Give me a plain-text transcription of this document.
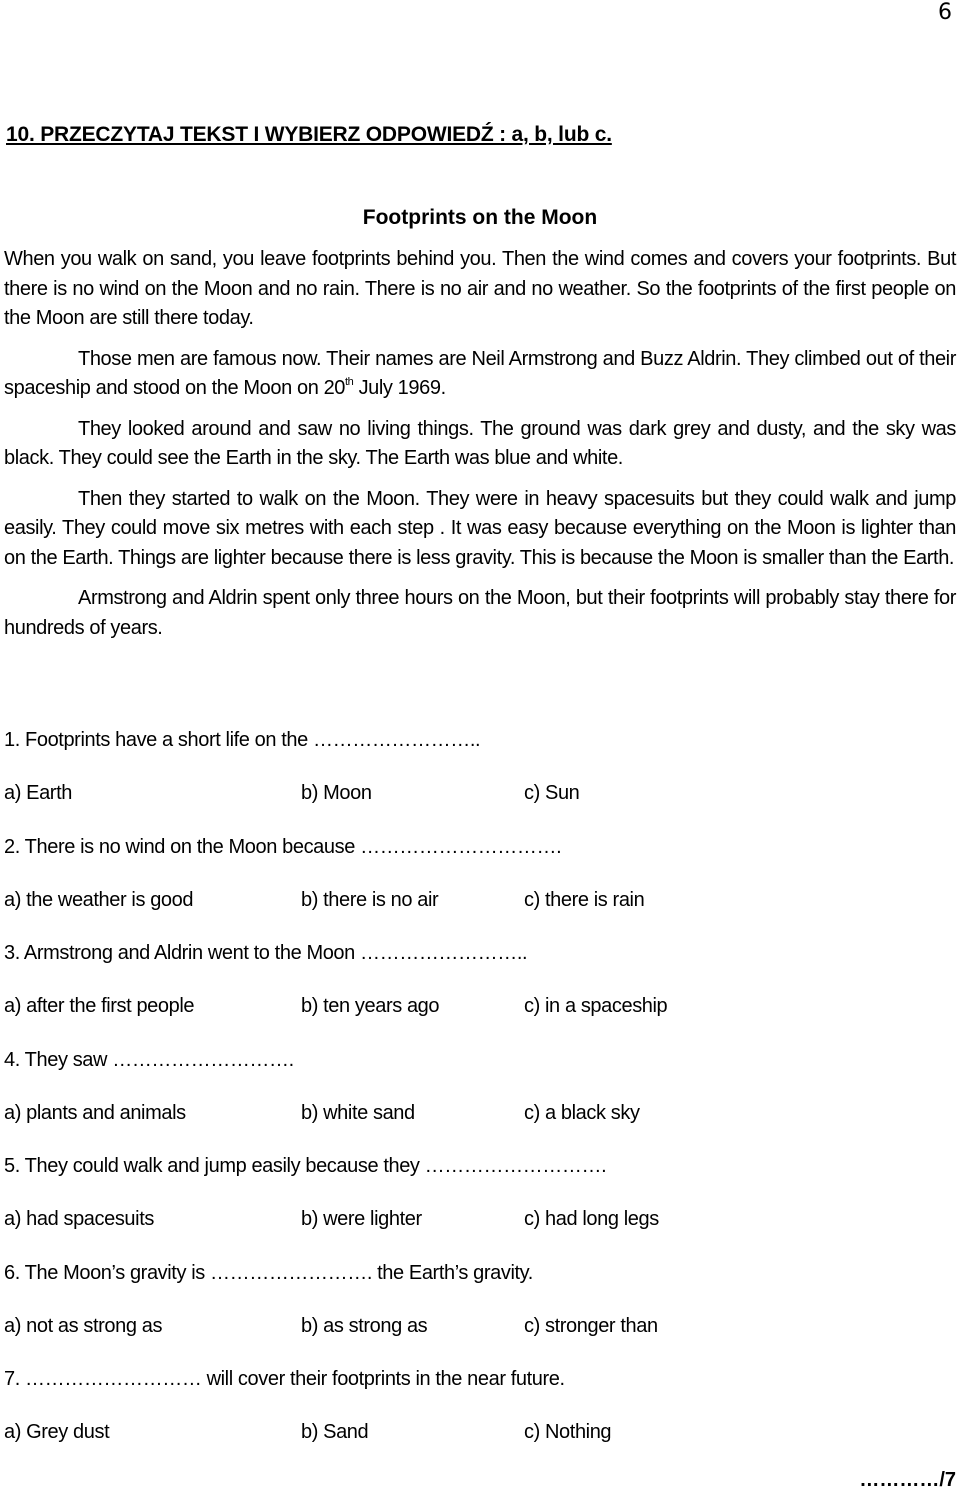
6
10. PRZECZYTAJ TEKST I WYBIERZ ODPOWIEDŹ : a, b, lub c.
Footprints on the Moon

When you walk on sand, you leave footprints behind you. Then the wind comes and covers your footprints. But there is no wind on the Moon and no rain. There is no air and no weather. So the footprints of the first people on the Moon are still there today.

Those men are famous now. Their names are Neil Armstrong and Buzz Aldrin. They climbed out of their spaceship and stood on the Moon on 20th July 1969.

They looked around and saw no living things. The ground was dark grey and dusty, and the sky was black. They could see the Earth in the sky. The Earth was blue and white.

Then they started to walk on the Moon. They were in heavy spacesuits but they could walk and jump easily. They could move six metres with each step . It was easy because everything on the Moon is lighter than on the Earth. Things are lighter because there is less gravity. This is because the Moon is smaller than the Earth.

Armstrong and Aldrin spent only three hours on the Moon, but their footprints will probably stay there for hundreds of years.

1. Footprints have a short life on the ……………………..
a) Earth	b) Moon	c) Sun
2. There is no wind on the Moon because ………………………….
a) the weather is good	b) there is no air	c) there is rain
3. Armstrong and Aldrin went to the Moon ……………………..
a) after the first people	b) ten years ago	c) in a spaceship
4. They saw ……………………….
a) plants and animals	b) white sand	c) a black sky
5. They could walk and jump easily because they ……………………….
a) had spacesuits	b) were lighter	c) had long legs
6. The Moon’s gravity is ……………………. the Earth’s gravity.
a) not as strong as	b) as strong as	c) stronger than
7. ……………………… will cover their footprints in the near future.
a) Grey dust	b) Sand	c) Nothing
…………/7
